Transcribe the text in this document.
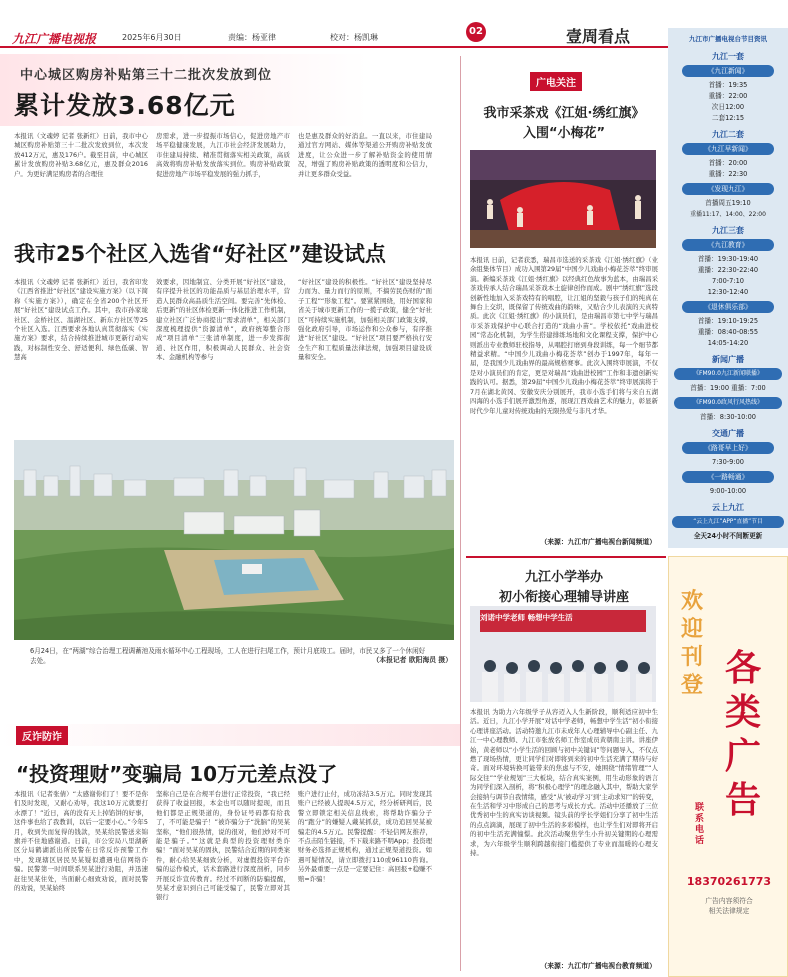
九江广播电视报	2025年6月30日	责编：杨亚律	校对：杨凯琳
02	壹周看点
中心城区购房补贴第三十二批次发放到位
累计发放3.68亿元
本报讯（文魂婷 记者 张新红）日前，我市中心城区购房补贴第三十二批次发放到位，本次发放412万元，惠及176户。截至目前，中心城区累计发放购房补贴3.68亿元，惠及群众2016户。为更好满足购房者的合理住
房需求，进一步提振市场信心，促进房地产市场平稳健康发展，九江市社会经济发展助力，市住建局持续、精准贯彻落实相关政策，高质高效将购房补贴发放落实到位。购房补贴政策促进房地产市场平稳发展的强力抓手，
也是惠及群众的好消息。一直以来，市住建局通过官方网站、媒体等渠道公开购房补贴发放进度，让公众进一步了解补贴资金的使用情况，增强了购房补贴政策的透明度和公信力，并让更多群众受益。
我市25个社区入选省“好社区”建设试点
本报讯（文魂婷 记者 张新红）近日，我省印发《江西省推进“好社区”建设实施方案》（以下简称《实施方案》），确定在全省200个社区开展“好社区”建设试点工作。其中，我市孙家垅社区、金桥社区、温湖社区、新东方社区等25个社区入选。江西要求各地认真贯彻落实《实施方案》要求，结合持续推进城市更新行动实践，对标制性安全、舒适便利、绿色低碳、智慧高
效要求，因地制宜、分类开展“好社区”建设，有序提升社区的功能品质与基层治理水平，营造人民群众高品质生活空间。要完善“先体检、后更新”的社区体检更新一体化推进工作机制，建立社区广泛协商提出“需求清单”，相关部门深度梳理提供“资源清单”，政府统筹整合形成“项目清单”三张清单制度，进一步发挥街道、社区作用，积极调动人民群众、社会资本、金融机构等参与
“好社区”建设的积极性。“好社区”建设坚持尽力而为、量力而行的原则，不搞劳民伤财的“面子工程”“形象工程”。要紧紧围绕，用好国家和省关于城市更新工作的一揽子政策，健全“好社区”可持续实施机制，加强相关部门政策支撑，强化政府引导，市场运作和公众参与，有序推进“好社区”建设。“好社区”项目要严格执行安全生产和工程质量法律法规，加强项目建设质量和安全。
6月24日，在“两湖”综合治理工程调蓄池及雨水循环中心工程现场，工人在进行扫尾工作，预计月底竣工。届时，市民又多了一个休闲好去处。	（本报记者 欧阳海员 摄）
反诈防诈
“投资理财”变骗局 10万元差点没了
本报讯（记者张倩）“太感谢你们了！要不是你们及时发现，又耐心劝导，我这10万元就要打水漂了！”近日，高的没有天上掉馅饼的好事，这件事也给了我教训，以后一定要小心。”今年5月，收到失而复得的钱款，吴某给民警送来锦旗并不住地感谢道。日前，市公安局八里湖新区分局鹤湖派出所民警在日常反诈预警工作中，发现辖区居民吴某疑似遭遇电信网络诈骗。民警第一时间联系吴某进行劝阻，并迅速赶往吴某住处，当面耐心细致劝说，面对民警的劝说，吴某始终
坚称自己是在合规平台进行正常投资，“我已经获得了收益回报，本金也可以随时提现，而且他们都是正规渠道的，身份证号码都有给我了，不可能是骗子！”被诈骗分子“洗脑”的吴某坚称，“他们很热情，说的很对，他们炒对不可能是骗子。”“这就是典型的投资理财类诈骗！”面对吴某的固执，民警结合近期的同类案件，耐心给吴某细致分析，对虚假投资平台诈骗的运作模式，话术套路进行深度剖析，同步开展反诈宣传教育。经过不间断的防骗提醒，吴某才意识到自己可能受骗了，民警立即对其银行
账户进行止付，成功冻结3.5万元。同时发现其账户已经被人提现4.5万元，经分析研判后，民警立即锁定相关信息线索，将帮助诈骗分子的“跑分”的嫌疑人戴某抓获，成功追回吴某被骗走的4.5万元。民警提醒：不轻信网友推荐，不点击陌生链接，不下载来路不明App；投资理财务必选择正规机构，通过正规渠道投资。如遇可疑情况，请立即拨打110或96110咨询。另外最重要一点是一定要记住：高回报+稳赚不赔=诈骗！
广电关注
我市采茶戏《江姐·绣红旗》
入围“小梅花”
本报讯 日前，记者获悉，瑞昌市选送的采茶戏《江姐·绣红旗》（业余组集体节目）成功入围第29届“中国少儿戏曲小梅花荟萃”终审展演。新编采茶戏《江姐·绣红旗》以经典红色故事为蓝本，由瑞昌采茶戏传承人结合瑞昌采茶戏本土旋律创作而成。剧中“绣红旗”选段创新性地加入采茶戏特有的唱腔，让江姐的坚毅与孩子们的纯真在舞台上交织，既保留了传统戏曲的韵味，又贴合少儿表演的天真特质。此次《江姐·绣红旗》的小演员们，是由瑞昌市第七中学与瑞昌市采茶戏保护中心联合打造的“戏曲小苗”。学校依托“戏曲进校园”常态化机制，为学生搭建排练场地和文化课程支撑，保护中心则派出专业教师驻校指导，从唱腔打磨到身段训练，每一个细节都精益求精。“中国少儿戏曲小梅花荟萃”创办于1997年，每年一届，是我国少儿戏曲界的最高规格赛事。此次入围终审展演，不仅是对小演员们的肯定，更是对瑞昌“戏曲进校园”工作和非遗创新实践的认可。据悉，第29届“中国少儿戏曲小梅花荟萃”终审展演将于7月在湖北黄冈、安徽安庆分别展开，我市小选手们将与来自五湖四海的小选手们展开激烈角逐，展现江西戏曲艺术的魅力，彰显新时代少年儿童对传统戏曲的无限热爱与非凡才华。
（来源：九江市广播电视台新闻频道）
九江小学举办
初小衔接心理辅导讲座
刘诺中学老师 畅想中学生活
本报讯 为助力六年级学子从容迈入人生新阶段，顺利适应初中生活。近日，九江小学开展“对话中学老师，畅想中学生活”初小衔接心理讲座活动。活动特邀九江市未成年人心理辅导中心副主任、九江一中心理教师、九江市张放名师工作室成员黄朝南主讲。讲座伊始，黄老师以“小学生活的回顾与初中关键词”等问题导入，不仅点燃了现场热情，更让同学们对即将到来的初中生活充满了期待与好奇。面对环境转换可能带来的焦虑与不安，她围绕“情绪管理”“人际交往”“学业规划”三大板块，结合真实案例，用生动形象的语言为同学们深入剖析，将“积极心理学”的理念融入其中，帮助大家学会接纳与调节自我情绪，感受“从‘被动学习’到‘主动求知’”的转变，在生活和学习中形成自己的思考与成长方式。活动中还播放了三位优秀初中生的真实访谈视频。镜头前的学长学姐们分享了初中生活的点点滴滴，展现了初中生活的多彩模样，也让学生们对即将开启的初中生活充满憧憬。此次活动聚焦学生小升初关键期的心理需求，为六年级学生顺利跨越衔接门槛提供了专业而温暖的心理支持。
（来源：九江市广播电视台教育频道）
九江市广播电视台节目资讯
九江一套
《九江新闻》
首播：19:35
重播：22:00
次日12:00
二套12:15
九江二套
《九江早新闻》
首播：20:00
重播：22:30
《发现九江》
首播周五19:10
重播11:17、14:00、22:00
九江三套
《九江教育》
首播：19:30-19:40
重播：22:30-22:40
7:00-7:10
12:30-12:40
《退休俱乐部》
首播：19:10-19:25
重播：08:40-08:55
14:05-14:20
新闻广播
《FM90.0九江新闻联播》
首播：19:00 重播：7:00
《FM90.0政风行风热线》
首播：8:30-10:00
交通广播
《路哥早上好》
7:30-9:00
《一路畅通》
9:00-10:00
云上九江
“云上九江”APP“直播”节目
全天24小时不间断更新
欢迎刊登 各类广告
联系电话
18370261773
广告内容须符合
相关法律规定
